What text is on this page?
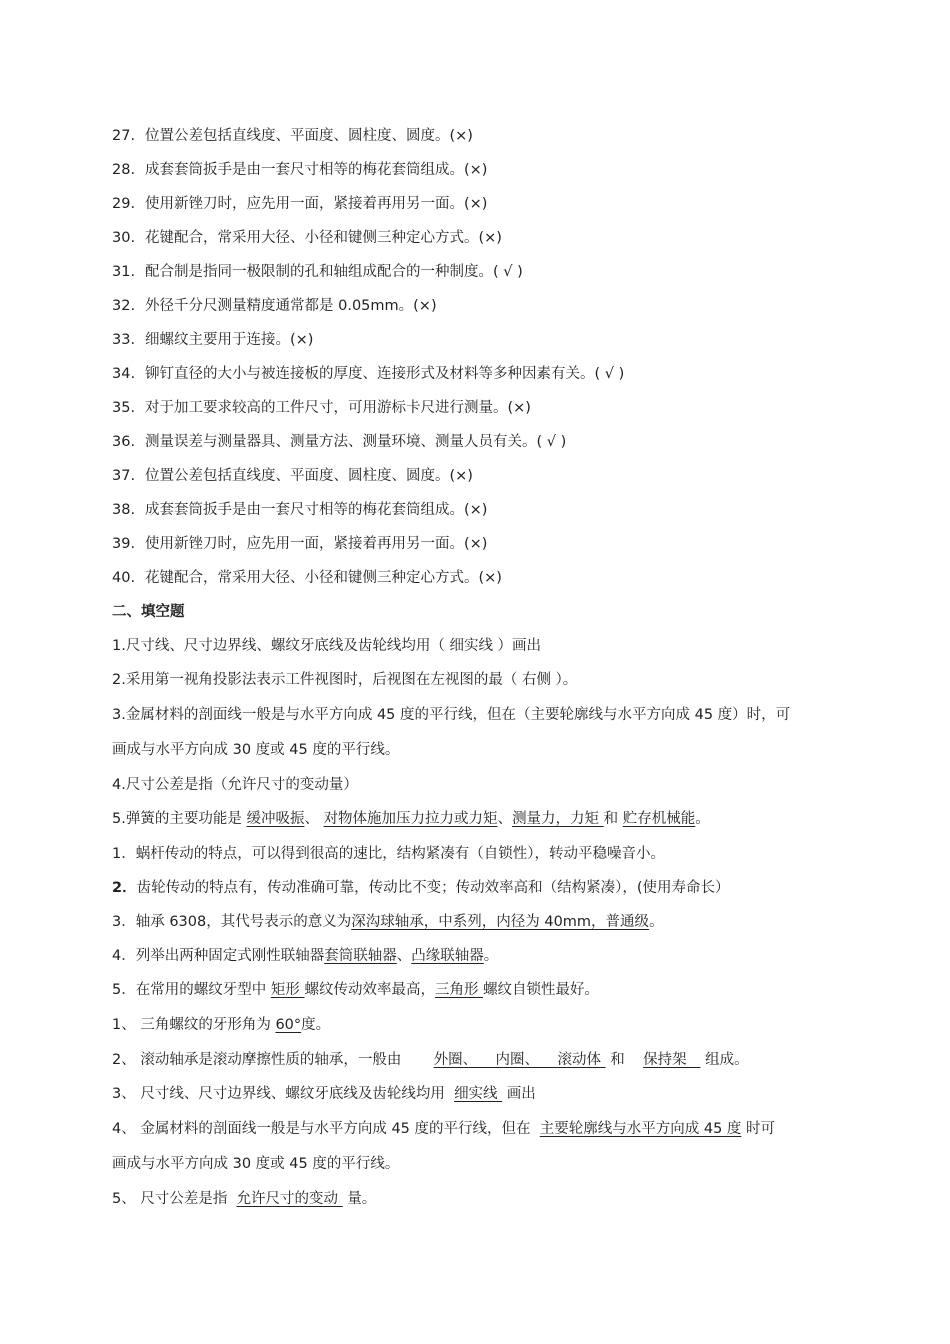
27. 位置公差包括直线度、平面度、圆柱度、圆度。(×)
28. 成套套筒扳手是由一套尺寸相等的梅花套筒组成。(×)
29. 使用新锉刀时，应先用一面，紧接着再用另一面。(×)
30. 花键配合，常采用大径、小径和键侧三种定心方式。(×)
31. 配合制是指同一极限制的孔和轴组成配合的一种制度。( √ )
32. 外径千分尺测量精度通常都是 0.05mm。(×)
33. 细螺纹主要用于连接。(×)
34. 铆钉直径的大小与被连接板的厚度、连接形式及材料等多种因素有关。( √ )
35. 对于加工要求较高的工件尺寸，可用游标卡尺进行测量。(×)
36. 测量误差与测量器具、测量方法、测量环境、测量人员有关。( √ )
37. 位置公差包括直线度、平面度、圆柱度、圆度。(×)
38. 成套套筒扳手是由一套尺寸相等的梅花套筒组成。(×)
39. 使用新锉刀时，应先用一面，紧接着再用另一面。(×)
40. 花键配合，常采用大径、小径和键侧三种定心方式。(×)
二、填空题
1.尺寸线、尺寸边界线、螺纹牙底线及齿轮线均用（ 细实线 ）画出
2.采用第一视角投影法表示工件视图时，后视图在左视图的最（ 右侧 ）。
3.金属材料的剖面线一般是与水平方向成 45 度的平行线，但在（主要轮廓线与水平方向成 45 度）时，可
画成与水平方向成 30 度或 45 度的平行线。
4.尺寸公差是指（允许尺寸的变动量）
5.弹簧的主要功能是 缓冲吸振、 对物体施加压力拉力或力矩、测量力，力矩 和 贮存机械能。
1．蜗杆传动的特点，可以得到很高的速比，结构紧凑有（自锁性），转动平稳噪音小。
2．齿轮传动的特点有，传动准确可靠，传动比不变；传动效率高和（结构紧凑），(使用寿命长）
3．轴承 6308，其代号表示的意义为深沟球轴承，中系列，内径为 40mm，普通级。
4．列举出两种固定式刚性联轴器套筒联轴器、凸缘联轴器。
5．在常用的螺纹牙型中 矩形 螺纹传动效率最高，三角形 螺纹自锁性最好。
1、 三角螺纹的牙形角为 60°度。
2、 滚动轴承是滚动摩擦性质的轴承，一般由       外圈、    内圈、    滚动体  和    保持架    组成。
3、 尺寸线、尺寸边界线、螺纹牙底线及齿轮线均用  细实线  画出
4、 金属材料的剖面线一般是与水平方向成 45 度的平行线，但在  主要轮廓线与水平方向成 45 度 时可
画成与水平方向成 30 度或 45 度的平行线。
5、 尺寸公差是指  允许尺寸的变动  量。
